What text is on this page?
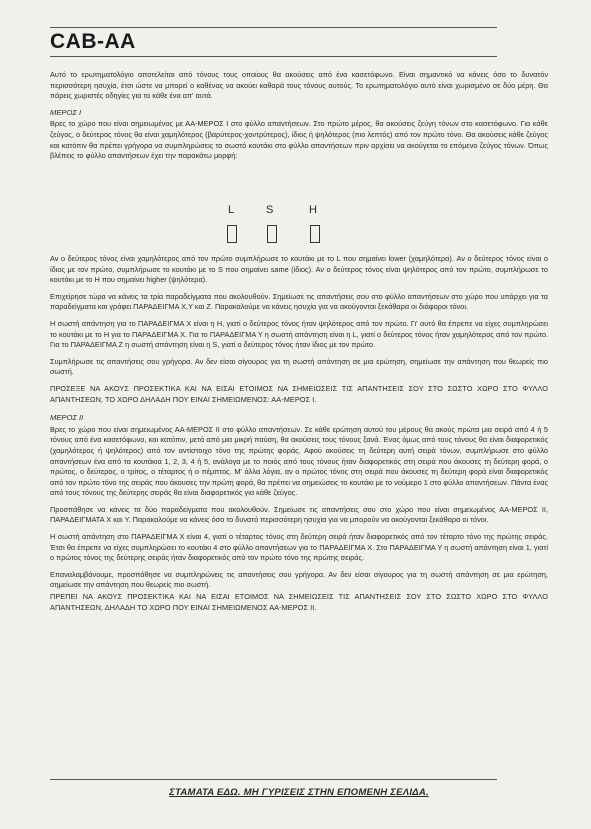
CAB-AA

Αυτό το ερωτηματολόγιο αποτελείται από τόνους τους οποίους θα ακούσεις από ένα κασετόφωνο. Είναι σημαντικό να κάνεις όσο το δυνατόν περισσότερη ησυχία, έτσι ώστε να μπορεί ο καθένας να ακούει καθαρά τους τόνους αυτούς. Το ερωτηματολόγιο αυτό είναι χωρισμένο σε δύο μέρη. Θα πάρεις χωριστές οδηγίες για το κάθε ένα απ' αυτά.

ΜΕΡΟΣ Ι

Βρες το χώρο που είναι σημειωμένος με ΑΑ-ΜΕΡΟΣ Ι στο φύλλο απαντήσεων. Στο πρώτο μέρος, θα ακούσεις ζεύγη τόνων στο κασετόφωνο. Για κάθε ζεύγος, ο δεύτερος τόνος θα είναι χαμηλότερος (βαρύτερος-χοντρύτερος), ίδιος ή ψηλότερος (πιο λεπτός) από τον πρώτο τόνο. Θα ακούσεις κάθε ζεύγος και κατόπιν θα πρέπει γρήγορα να συμπληρώσεις το σωστό κουτάκι στο φύλλο απαντήσεων πριν αρχίσει να ακούγεται το επόμενο ζεύγος τόνων. Όπως βλέπεις το φύλλο απαντήσεων έχει την παρακάτω μορφή:

L	S	H

Αν ο δεύτερος τόνος είναι χαμηλότερος από τον πρώτο συμπλήρωσε το κουτάκι με το L που σημαίνει lower (χαμηλότερα). Αν ο δεύτερος τόνος είναι ο ίδιος με τον πρώτο, συμπλήρωσε το κουτάκι με το S που σημαίνει same (ίδιος). Αν ο δεύτερος τόνος είναι ψηλότερος από τον πρώτο, συμπλήρωσε το κουτάκι με το H που σημαίνει higher (ψηλότερα).

Επιχείρησε τώρα να κάνεις τα τρία παραδείγματα που ακολουθούν. Σημείωσε τις απαντήσεις σου στο φύλλο απαντήσεων στο χώρο που υπάρχει για τα παραδείγματα και γράφει ΠΑΡΑΔΕΙΓΜΑ Χ,Υ και Ζ. Παρακαλούμε να κάνεις ησυχία για να ακούγονται ξεκάθαρα οι διάφοροι τόνοι.

Η σωστή απάντηση για το ΠΑΡΑΔΕΙΓΜΑ Χ είναι η Η, γιατί ο δεύτερος τόνος ήταν ψηλότερος από τον πρώτο. Γι' αυτό θα έπρεπε να είχες συμπληρώσει το κουτάκι με το Η για το ΠΑΡΑΔΕΙΓΜΑ Χ. Για το ΠΑΡΑΔΕΙΓΜΑ Υ η σωστή απάντηση είναι η L, γιατί ο δεύτερος τόνος ήταν χαμηλότερος από τον πρώτο. Για το ΠΑΡΑΔΕΙΓΜΑ Ζ η σωστή απάντηση είναι η S, γιατί ο δεύτερος τόνος ήταν ίδιος με τον πρώτο.

Συμπλήρωσε τις απαντήσεις σου γρήγορα. Αν δεν είσαι σίγουρος για τη σωστή απάντηση σε μια ερώτηση, σημείωσε την απάντηση που θεωρείς πιο σωστή.

ΠΡΟΣΕΞΕ ΝΑ ΑΚΟΥΣ ΠΡΟΣΕΚΤΙΚΑ ΚΑΙ ΝΑ ΕΙΣΑΙ ΕΤΟΙΜΟΣ ΝΑ ΣΗΜΕΙΩΣΕΙΣ ΤΙΣ ΑΠΑΝΤΗΣΕΙΣ ΣΟΥ ΣΤΟ ΣΩΣΤΟ ΧΩΡΟ ΣΤΟ ΦΥΛΛΟ ΑΠΑΝΤΗΣΕΩΝ, ΤΟ ΧΩΡΟ ΔΗΛΑΔΗ ΠΟΥ ΕΙΝΑΙ ΣΗΜΕΙΩΜΕΝΟΣ: ΑΑ-ΜΕΡΟΣ Ι.

ΜΕΡΟΣ ΙΙ

Βρες το χώρο που είναι σημειωμένος ΑΑ-ΜΕΡΟΣ ΙΙ στο φύλλο απαντήσεων. Σε κάθε ερώτηση αυτού του μέρους θα ακούς πρώτα μια σειρά από 4 ή 5 τόνους από ένα κασετόφωνο, και κατόπιν, μετά από μια μικρή παύση, θα ακούσεις τους τόνους ξανά. Ένας όμως από τους τόνους θα είναι διαφορετικός (χαμηλότερος ή ψηλότερος) από τον αντίστοιχο τόνο της πρώτης φοράς. Αφού ακούσεις τη δεύτερη αυτή σειρά τόνων, συμπλήρωσε στο φύλλο απαντήσεων ένα από τα κουτάκια 1, 2, 3, 4 ή 5, ανάλογα με το ποιός από τους τόνους ήταν διαφορετικός στη σειρά που άκουσες τη δεύτερη φορά, ο πρώτος, ο δεύτερος, ο τρίτος, ο τέταρτος ή ο πέμπτος. Μ' άλλα λόγια, αν ο πρώτος τόνος στη σειρά που άκουσες τη δεύτερη φορά είναι διαφορετικός από τον πρώτο τόνο της σειράς που άκουσες την πρώτη φορά, θα πρέπει να σημειώσεις το κουτάκι με το νούμερο 1 στο φύλλο απαντήσεων. Πάντα ένας από τους τόνους της δεύτερης σειράς θα είναι διαφορετικός για κάθε ζεύγος.

Προσπάθησε να κάνεις τα δύο παραδείγματα που ακολουθούν. Σημείωσε τις απαντήσεις σου στο χώρο που είναι σημειωμένος ΑΑ-ΜΕΡΟΣ ΙΙ, ΠΑΡΑΔΕΙΓΜΑΤΑ Χ και Υ. Παρακαλούμε να κάνεις όσο το δυνατό περισσότερη ησυχία για να μπορούν να ακούγονται ξεκάθαρα οι τόνοι.

Η σωστή απάντηση στο ΠΑΡΑΔΕΙΓΜΑ Χ είναι 4, γιατί ο τέταρτος τόνος στη δεύτερη σειρά ήταν διαφορετικός από τον τέταρτο τόνο της πρώτης σειράς. Έτσι θα έπρεπε να είχες συμπληρώσει το κουτάκι 4 στο φύλλο απαντήσεων για το ΠΑΡΑΔΕΙΓΜΑ Χ. Στο ΠΑΡΑΔΕΙΓΜΑ Υ η σωστή απάντηση είναι 1, γιατί ο πρώτος τόνος της δεύτερης σειράς ήταν διαφορετικός από τον πρώτο τόνο της πρώτης σειράς.

Επαναλαμβάνουμε, προσπάθησε να συμπληρώνεις τις απαντήσεις σου γρήγορα. Αν δεν είσαι σίγουρος για τη σωστή απάντηση σε μια ερώτηση, σημείωσε την απάντηση που θεωρείς πιο σωστή.

ΠΡΕΠΕΙ ΝΑ ΑΚΟΥΣ ΠΡΟΣΕΚΤΙΚΑ ΚΑΙ ΝΑ ΕΙΣΑΙ ΕΤΟΙΜΟΣ ΝΑ ΣΗΜΕΙΩΣΕΙΣ ΤΙΣ ΑΠΑΝΤΗΣΕΙΣ ΣΟΥ ΣΤΟ ΣΩΣΤΟ ΧΩΡΟ ΣΤΟ ΦΥΛΛΟ ΑΠΑΝΤΗΣΕΩΝ, ΔΗΛΑΔΗ ΤΟ ΧΩΡΟ ΠΟΥ ΕΙΝΑΙ ΣΗΜΕΙΩΜΕΝΟΣ ΑΑ-ΜΕΡΟΣ ΙΙ.

ΣΤΑΜΑΤΑ ΕΔΩ. ΜΗ ΓΥΡΙΣΕΙΣ ΣΤΗΝ ΕΠΟΜΕΝΗ ΣΕΛΙΔΑ.
